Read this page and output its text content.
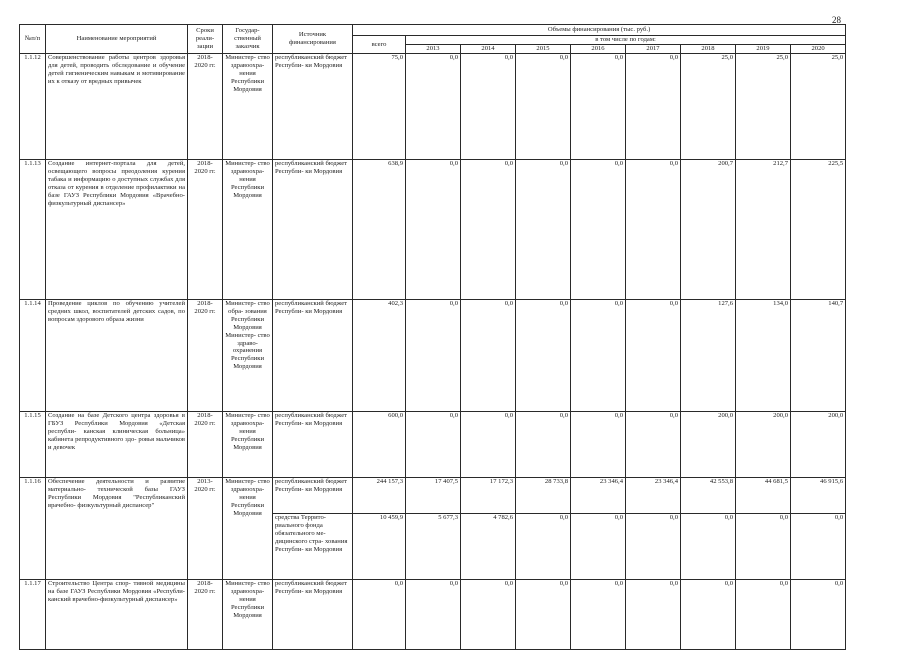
28
№п/п	Наименование мероприятий	Сроки реали- зации	Государ- ственный заказчик	Источник финансирования	Объемы финансирования (тыс. руб.)								
					всего	в том числе по годам:							
						2013	2014	2015	2016	2017	2018	2019	2020
1.1.12	Совершенствование работы центров здоровья для детей, проводить обследование и обучение детей гигиеническим навыкам и мотивирование их к отказу от вредных привычек	2018- 2020 гг.	Министер- ство здравоохра- нения Республики Мордовия	республиканский бюджет Республи- ки Мордовия	75,0	0,0	0,0	0,0	0,0	0,0	25,0	25,0	25,0
1.1.13	Создание интернет-портала для детей, освещающего вопросы преодоления курения табака и информацию о доступных службах для отказа от курения в отделение профилактики на базе ГАУЗ Республики Мордовия «Врачебно-физкультурный диспансер»	2018- 2020 гг.	Министер- ство здравоохра- нения Республики Мордовия	республиканский бюджет Республи- ки Мордовия	638,9	0,0	0,0	0,0	0,0	0,0	200,7	212,7	225,5
1.1.14	Проведение циклов по обучению учителей средних школ, воспитателей детских садов, по вопросам здорового образа жизни	2018- 2020 гг.	Министер- ство обра- зования Республики Мордовия Министер- ство здраво- охранения Республики Мордовия	республиканский бюджет Республи- ки Мордовия	402,3	0,0	0,0	0,0	0,0	0,0	127,6	134,0	140,7
1.1.15	Создание на базе Детского центра здоровья в ГБУЗ Республики Мордовия «Детская республи- канская клиническая больница» кабинета репродуктивного здо- ровья мальчиков и девочек	2018- 2020 гг.	Министер- ство здравоохра- нения Республики Мордовия	республиканский бюджет Республи- ки Мордовия	600,0	0,0	0,0	0,0	0,0	0,0	200,0	200,0	200,0
1.1.16	Обеспечение деятельности и развитие материально- технической базы ГАУЗ Республики Мордовия "Республиканский врачебно- физкультурный диспансер"	2013- 2020 гг.	Министер- ство здравоохра- нения Республики Мордовия	республиканский бюджет Республи- ки Мордовия	244 157,3	17 407,5	17 172,3	28 733,8	23 346,4	23 346,4	42 553,8	44 681,5	46 915,6
				средства Террито- риального фонда обязательного ме- дицинского стра- хования Республи- ки Мордовия	10 459,9	5 677,3	4 782,6	0,0	0,0	0,0	0,0	0,0	0,0
1.1.17	Строительство Центра спор- тивной медицины на базе ГАУЗ Республики Мордовия «Республи- канский врачебно-физкультурный диспансер»	2018- 2020 гг.	Министер- ство здравоохра- нения Республики Мордовия	республиканский бюджет Республи- ки Мордовия	0,0	0,0	0,0	0,0	0,0	0,0	0,0	0,0	0,0
